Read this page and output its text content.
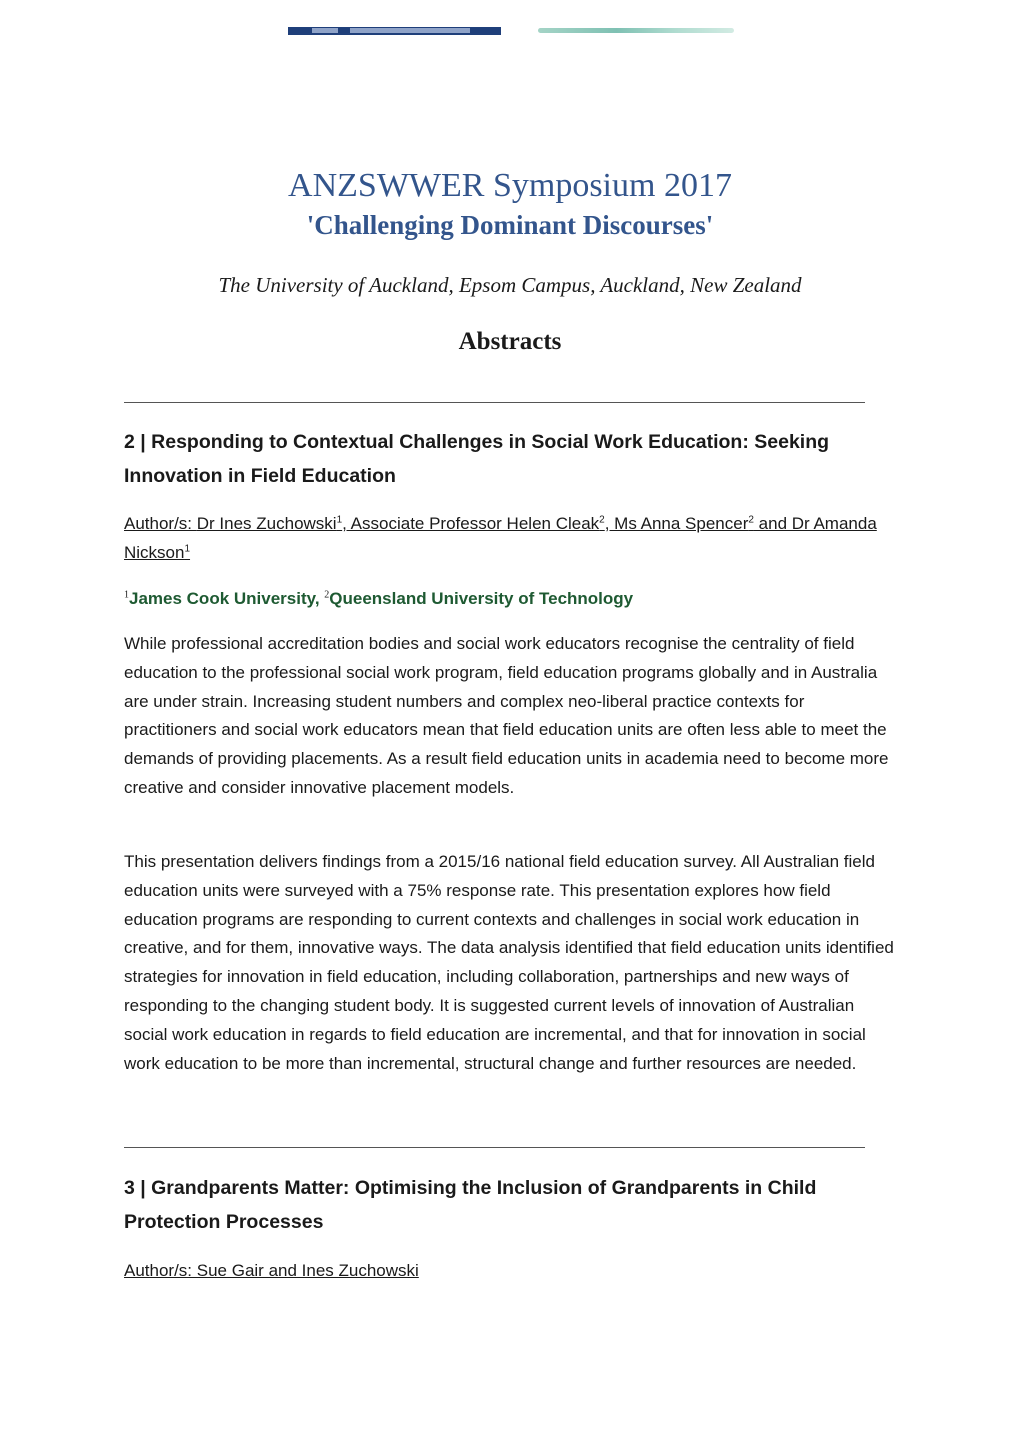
ANZSWWER Symposium 2017
'Challenging Dominant Discourses'
The University of Auckland, Epsom Campus, Auckland, New Zealand
Abstracts
2 | Responding to Contextual Challenges in Social Work Education: Seeking Innovation in Field Education
Author/s: Dr Ines Zuchowski$^1$, Associate Professor Helen Cleak$^2$, Ms Anna Spencer$^2$ and Dr Amanda Nickson$^1$
$^1$James Cook University, $^2$Queensland University of Technology

While professional accreditation bodies and social work educators recognise the centrality of field education to the professional social work program, field education programs globally and in Australia are under strain. Increasing student numbers and complex neo-liberal practice contexts for practitioners and social work educators mean that field education units are often less able to meet the demands of providing placements. As a result field education units in academia need to become more creative and consider innovative placement models.

This presentation delivers findings from a 2015/16 national field education survey. All Australian field education units were surveyed with a 75% response rate. This presentation explores how field education programs are responding to current contexts and challenges in social work education in creative, and for them, innovative ways. The data analysis identified that field education units identified strategies for innovation in field education, including collaboration, partnerships and new ways of responding to the changing student body. It is suggested current levels of innovation of Australian social work education in regards to field education are incremental, and that for innovation in social work education to be more than incremental, structural change and further resources are needed.

3 | Grandparents Matter: Optimising the Inclusion of Grandparents in Child Protection Processes
Author/s: Sue Gair and Ines Zuchowski
